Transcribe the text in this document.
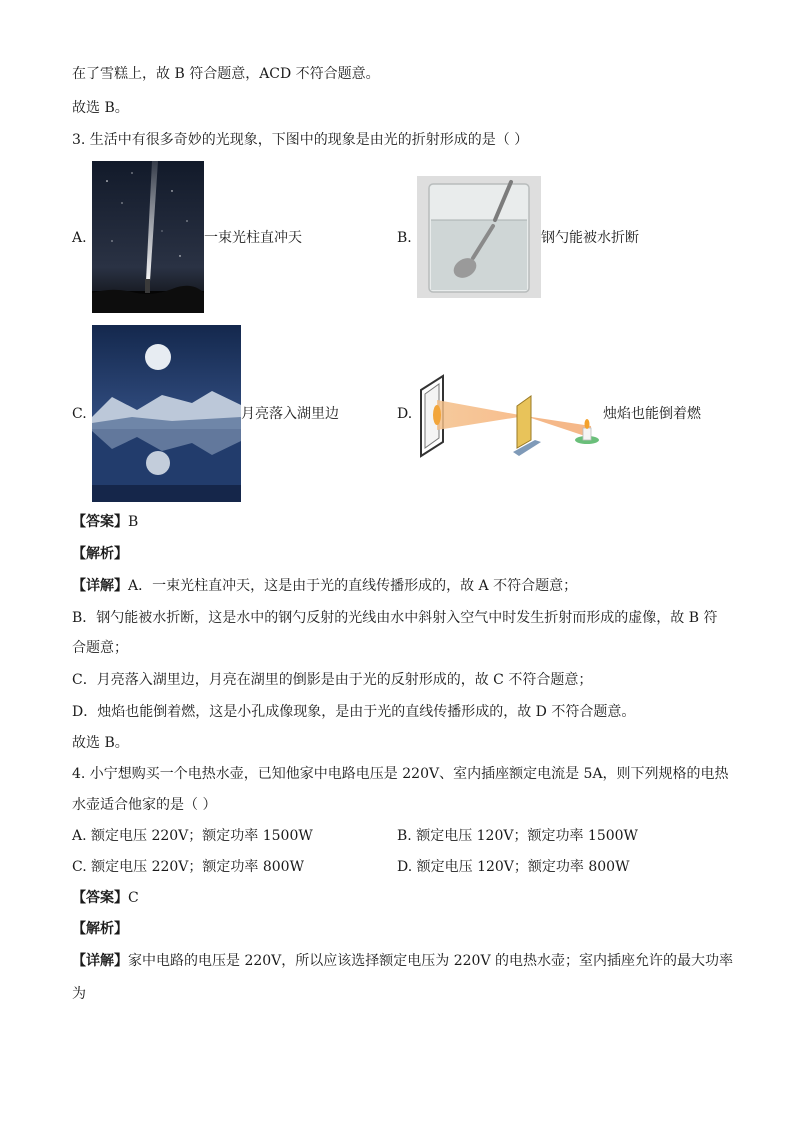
在了雪糕上，故 B 符合题意，ACD 不符合题意。
故选 B。
3. 生活中有很多奇妙的光现象，下图中的现象是由光的折射形成的是（ ）
A.	一束光柱直冲天	B.	钢勺能被水折断
C.	月亮落入湖里边	D.	烛焰也能倒着燃
【答案】B
【解析】
【详解】A．一束光柱直冲天，这是由于光的直线传播形成的，故 A 不符合题意；
B．钢勺能被水折断，这是水中的钢勺反射的光线由水中斜射入空气中时发生折射而形成的虚像，故 B 符
合题意；
C．月亮落入湖里边，月亮在湖里的倒影是由于光的反射形成的，故 C 不符合题意；
D．烛焰也能倒着燃，这是小孔成像现象，是由于光的直线传播形成的，故 D 不符合题意。
故选 B。
4. 小宁想购买一个电热水壶，已知他家中电路电压是 220V、室内插座额定电流是 5A，则下列规格的电热
水壶适合他家的是（ ）
A. 额定电压 220V；额定功率 1500W	B. 额定电压 120V；额定功率 1500W
C. 额定电压 220V；额定功率 800W	D. 额定电压 120V；额定功率 800W
【答案】C
【解析】
【详解】家中电路的电压是 220V，所以应该选择额定电压为 220V 的电热水壶；室内插座允许的最大功率
为
